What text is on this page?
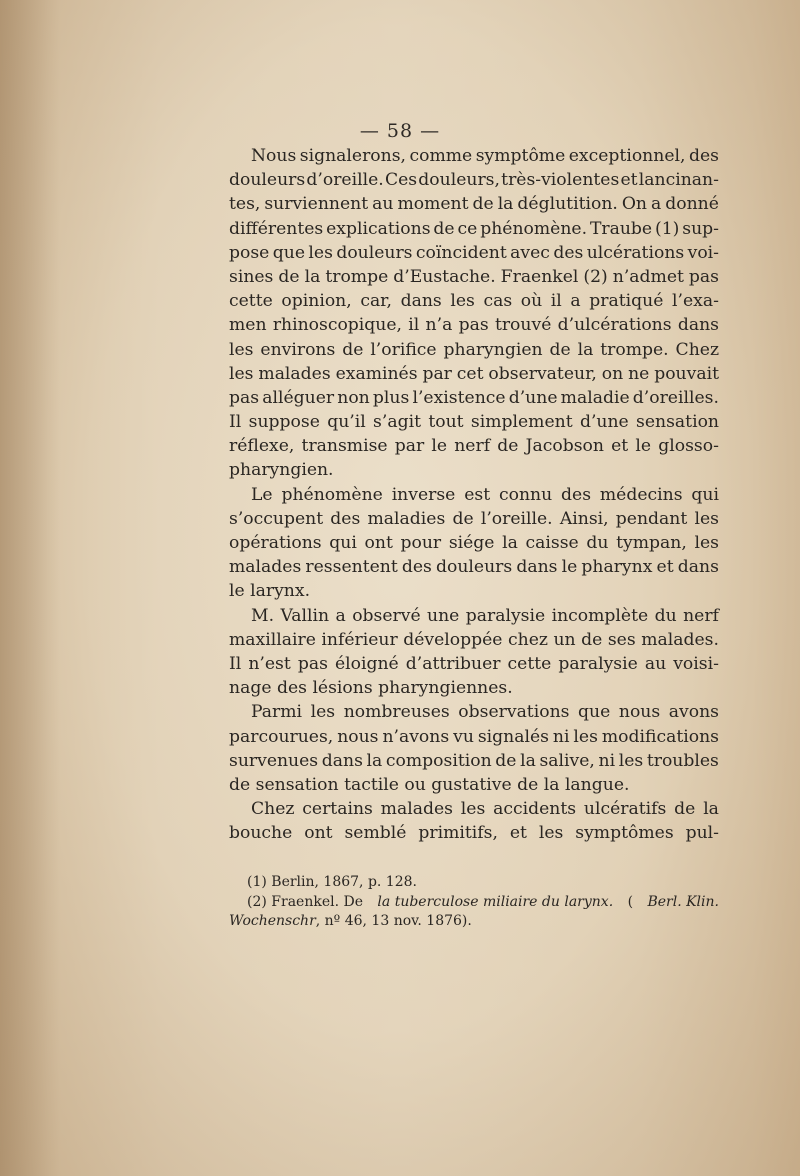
— 58 —
Nous signalerons, comme symptôme exceptionnel, des
douleurs d’oreille. Ces douleurs, très-violentes et lancinan-
tes, surviennent au moment de la déglutition. On a donné
différentes explications de ce phénomène. Traube (1) sup-
pose que les douleurs coïncident avec des ulcérations voi-
sines de la trompe d’Eustache. Fraenkel (2) n’admet pas
cette opinion, car, dans les cas où il a pratiqué l’exa-
men rhinoscopique, il n’a pas trouvé d’ulcérations dans
les environs de l’orifice pharyngien de la trompe. Chez
les malades examinés par cet observateur, on ne pouvait
pas alléguer non plus l’existence d’une maladie d’oreilles.
Il suppose qu’il s’agit tout simplement d’une sensation
réflexe, transmise par le nerf de Jacobson et le glosso-
pharyngien.
Le phénomène inverse est connu des médecins qui
s’occupent des maladies de l’oreille. Ainsi, pendant les
opérations qui ont pour siége la caisse du tympan, les
malades ressentent des douleurs dans le pharynx et dans
le larynx.
M. Vallin a observé une paralysie incomplète du nerf
maxillaire inférieur développée chez un de ses malades.
Il n’est pas éloigné d’attribuer cette paralysie au voisi-
nage des lésions pharyngiennes.
Parmi les nombreuses observations que nous avons
parcourues, nous n’avons vu signalés ni les modifications
survenues dans la composition de la salive, ni les troubles
de sensation tactile ou gustative de la langue.
Chez certains malades les accidents ulcératifs de la
bouche ont semblé primitifs, et les symptômes pul-
(1) Berlin, 1867, p. 128.
(2) Fraenkel. De la tuberculose miliaire du larynx. ( Berl. Klin.
Wochenschr, nº 46, 13 nov. 1876).
